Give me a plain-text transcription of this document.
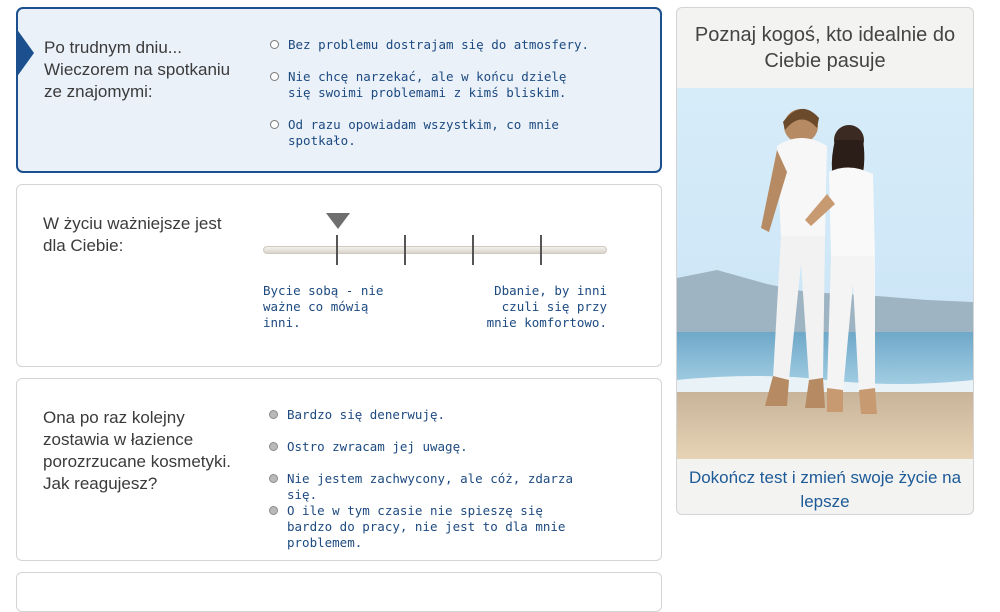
Po trudnym dniu... Wieczorem na spotkaniu ze znajomymi:
Bez problemu dostrajam się do atmosfery.
Nie chcę narzekać, ale w końcu dzielę się swoimi problemami z kimś bliskim.
Od razu opowiadam wszystkim, co mnie spotkało.
W życiu ważniejsze jest dla Ciebie:
Bycie sobą - nie ważne co mówią inni.
Dbanie, by inni czuli się przy mnie komfortowo.
Ona po raz kolejny zostawia w łazience porozrzucane kosmetyki. Jak reagujesz?
Bardzo się denerwuję.
Ostro zwracam jej uwagę.
Nie jestem zachwycony, ale cóż, zdarza się.
O ile w tym czasie nie spieszę się bardzo do pracy, nie jest to dla mnie problemem.
Poznaj kogoś, kto idealnie do Ciebie pasuje
Dokończ test i zmień swoje życie na lepsze
